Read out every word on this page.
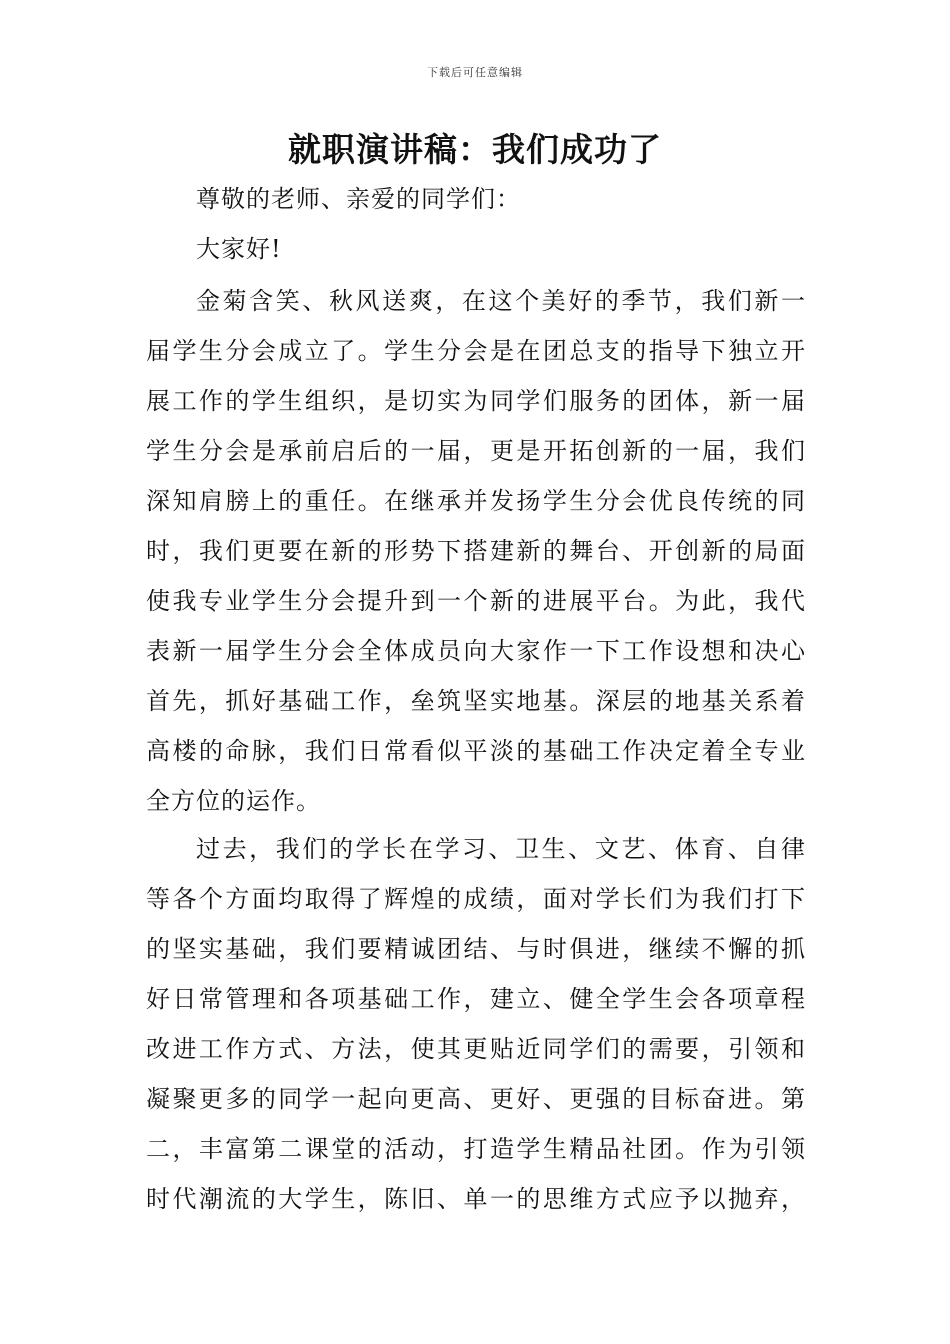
下载后可任意编辑
就职演讲稿：我们成功了
尊敬的老师、亲爱的同学们：
大家好!
金菊含笑、秋风送爽，在这个美好的季节，我们新一
届学生分会成立了。学生分会是在团总支的指导下独立开
展工作的学生组织，是切实为同学们服务的团体，新一届
学生分会是承前启后的一届，更是开拓创新的一届，我们
深知肩膀上的重任。在继承并发扬学生分会优良传统的同
时，我们更要在新的形势下搭建新的舞台、开创新的局面
使我专业学生分会提升到一个新的进展平台。为此，我代
表新一届学生分会全体成员向大家作一下工作设想和决心
首先，抓好基础工作，垒筑坚实地基。深层的地基关系着
高楼的命脉，我们日常看似平淡的基础工作决定着全专业
全方位的运作。
过去，我们的学长在学习、卫生、文艺、体育、自律
等各个方面均取得了辉煌的成绩，面对学长们为我们打下
的坚实基础，我们要精诚团结、与时俱进，继续不懈的抓
好日常管理和各项基础工作，建立、健全学生会各项章程
改进工作方式、方法，使其更贴近同学们的需要，引领和
凝聚更多的同学一起向更高、更好、更强的目标奋进。第
二，丰富第二课堂的活动，打造学生精品社团。作为引领
时代潮流的大学生，陈旧、单一的思维方式应予以抛弃，
